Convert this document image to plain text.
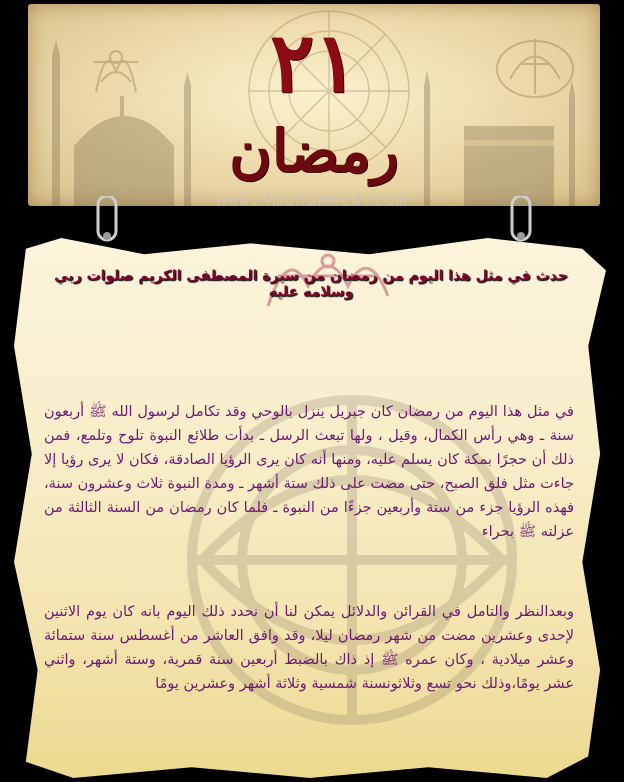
٢١
رمضان
www.4muhammed.com
حدث في مثل هذا اليوم من رمضان من سيرة المصطفى الكريم صلوات ربي وسلامه عليه
في مثل هذا اليوم من رمضان كان جبريل ينزل بالوحي وقد تكامل لرسول الله ﷺ أربعون سنة ـ وهي رأس الكمال، وقيل ، ولها تبعث الرسل ـ بدأت طلائع النبوة تلوح وتلمع، فمن ذلك أن حجرًا بمكة كان يسلم عليه، ومنها أنه كان يرى الرؤيا الصادقة، فكان لا يرى رؤيا إلا جاءت مثل فلق الصبح، حتى مضت على ذلك ستة أشهر ـ ومدة النبوة ثلاث وعشرون سنة، فهذه الرؤيا جزء من ستة وأربعين جزءًا من النبوة ـ فلما كان رمضان من السنة الثالثة من عزلته ﷺ بحراء
وبعدالنظر والتامل في القرائن والدلائل يمكن لنا أن نحدد ذلك اليوم بانه كان يوم الاثنين لإحدى وعشرين مضت من شهر رمضان ليلا، وقد وافق العاشر من أغسطس سنة ستمائة وعشر ميلادية ، وكان عمره ﷺ إذ ذاك بالضبط أربعين سنة قمرية، وستة أشهر، واثني عشر يومًا،وذلك نحو تسع وثلاثونسنة شمسية وثلاثة أشهر وعشرين يومًا
